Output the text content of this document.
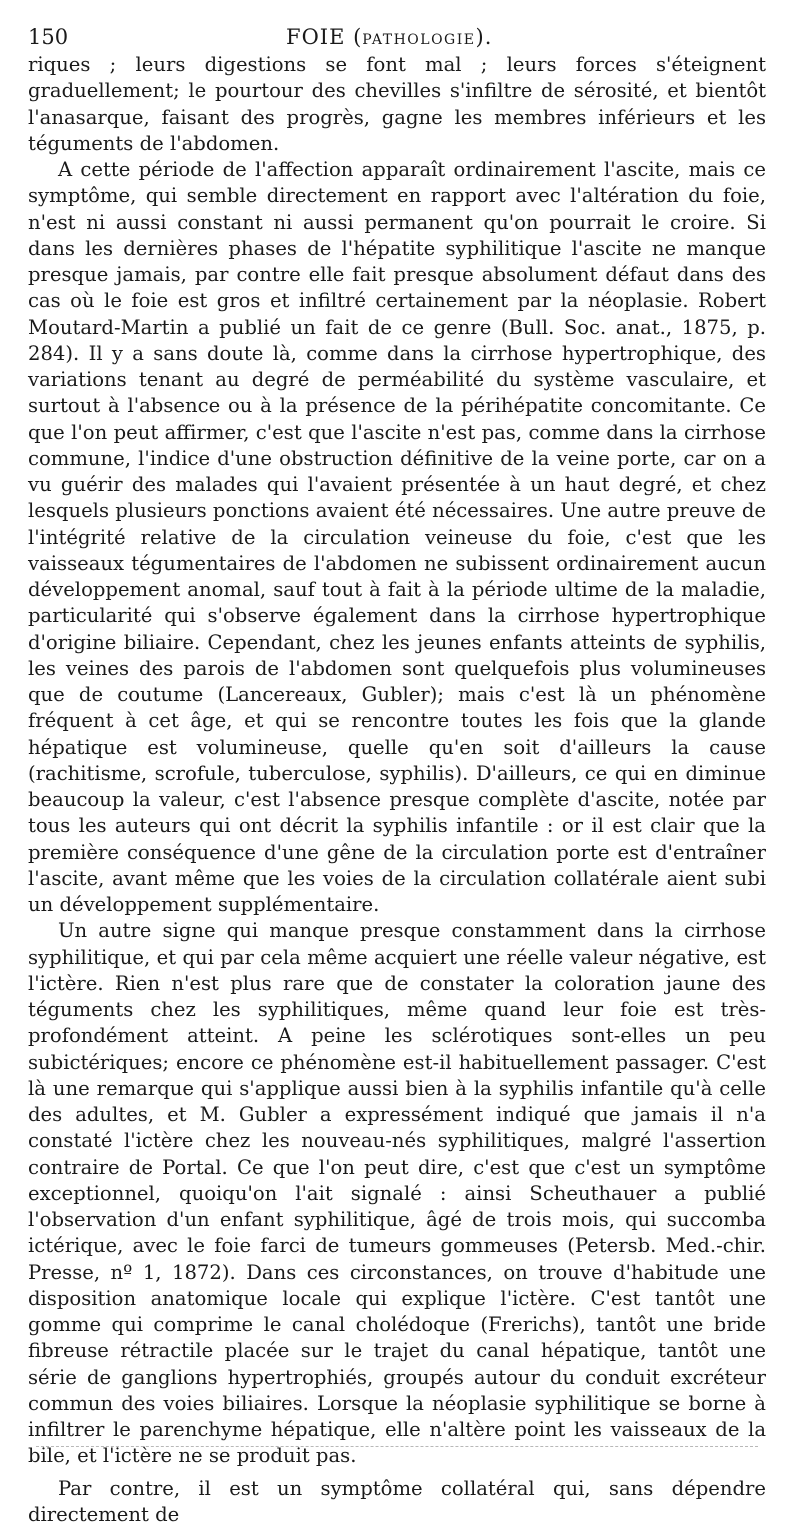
150	FOIE (PATHOLOGIE).

riques ; leurs digestions se font mal ; leurs forces s'éteignent graduellement; le pourtour des chevilles s'infiltre de sérosité, et bientôt l'anasarque, faisant des progrès, gagne les membres inférieurs et les téguments de l'abdomen.

A cette période de l'affection apparaît ordinairement l'ascite, mais ce symptôme, qui semble directement en rapport avec l'altération du foie, n'est ni aussi constant ni aussi permanent qu'on pourrait le croire. Si dans les dernières phases de l'hépatite syphilitique l'ascite ne manque presque jamais, par contre elle fait presque absolument défaut dans des cas où le foie est gros et infiltré certainement par la néoplasie. Robert Moutard-Martin a publié un fait de ce genre (Bull. Soc. anat., 1875, p. 284). Il y a sans doute là, comme dans la cirrhose hypertrophique, des variations tenant au degré de perméabilité du système vasculaire, et surtout à l'absence ou à la présence de la périhépatite concomitante. Ce que l'on peut affirmer, c'est que l'ascite n'est pas, comme dans la cirrhose commune, l'indice d'une obstruction définitive de la veine porte, car on a vu guérir des malades qui l'avaient présentée à un haut degré, et chez lesquels plusieurs ponctions avaient été nécessaires. Une autre preuve de l'intégrité relative de la circulation veineuse du foie, c'est que les vaisseaux tégumentaires de l'abdomen ne subissent ordinairement aucun développement anomal, sauf tout à fait à la période ultime de la maladie, particularité qui s'observe également dans la cirrhose hypertrophique d'origine biliaire. Cependant, chez les jeunes enfants atteints de syphilis, les veines des parois de l'abdomen sont quelquefois plus volumineuses que de coutume (Lancereaux, Gubler); mais c'est là un phénomène fréquent à cet âge, et qui se rencontre toutes les fois que la glande hépatique est volumineuse, quelle qu'en soit d'ailleurs la cause (rachitisme, scrofule, tuberculose, syphilis). D'ailleurs, ce qui en diminue beaucoup la valeur, c'est l'absence presque complète d'ascite, notée par tous les auteurs qui ont décrit la syphilis infantile : or il est clair que la première conséquence d'une gêne de la circulation porte est d'entraîner l'ascite, avant même que les voies de la circulation collatérale aient subi un développement supplémentaire.

Un autre signe qui manque presque constamment dans la cirrhose syphilitique, et qui par cela même acquiert une réelle valeur négative, est l'ictère. Rien n'est plus rare que de constater la coloration jaune des téguments chez les syphilitiques, même quand leur foie est très-profondément atteint. A peine les sclérotiques sont-elles un peu subictériques; encore ce phénomène est-il habituellement passager. C'est là une remarque qui s'applique aussi bien à la syphilis infantile qu'à celle des adultes, et M. Gubler a expressément indiqué que jamais il n'a constaté l'ictère chez les nouveau-nés syphilitiques, malgré l'assertion contraire de Portal. Ce que l'on peut dire, c'est que c'est un symptôme exceptionnel, quoiqu'on l'ait signalé : ainsi Scheuthauer a publié l'observation d'un enfant syphilitique, âgé de trois mois, qui succomba ictérique, avec le foie farci de tumeurs gommeuses (Petersb. Med.-chir. Presse, nº 1, 1872). Dans ces circonstances, on trouve d'habitude une disposition anatomique locale qui explique l'ictère. C'est tantôt une gomme qui comprime le canal cholédoque (Frerichs), tantôt une bride fibreuse rétractile placée sur le trajet du canal hépatique, tantôt une série de ganglions hypertrophiés, groupés autour du conduit excréteur commun des voies biliaires. Lorsque la néoplasie syphilitique se borne à infiltrer le parenchyme hépatique, elle n'altère point les vaisseaux de la bile, et l'ictère ne se produit pas.

Par contre, il est un symptôme collatéral qui, sans dépendre directement de
